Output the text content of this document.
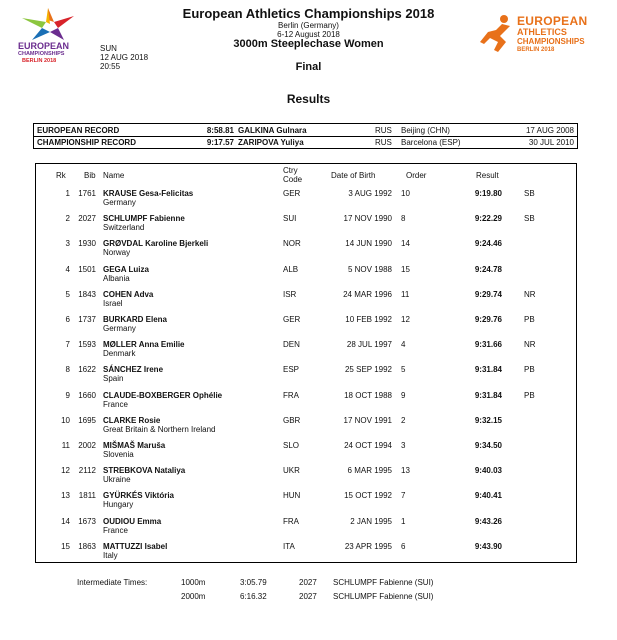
EUROPEAN
CHAMPIONSHIPS
BERLIN 2018
EUROPEAN
ATHLETICS
CHAMPIONSHIPS
BERLIN 2018
European Athletics Championships 2018
Berlin (Germany)
6-12 August 2018
3000m Steeplechase Women
Final
SUN
12 AUG 2018
20:55
Results
EUROPEAN RECORD	8:58.81 GALKINA Gulnara	RUS Beijing (CHN)	17 AUG 2008
CHAMPIONSHIP RECORD	9:17.57 ZARIPOVA Yuliya	RUS Barcelona (ESP)	30 JUL 2010
Rk Bib Name
Ctry
Code	Date of Birth	Order	Result
1 1761 KRAUSE Gesa-Felicitas
Germany
GER	3 AUG 1992 10	9:19.80	SB
2 2027 SCHLUMPF Fabienne
Switzerland
SUI	17 NOV 1990 8	9:22.29	SB
3 1930 GRØVDAL Karoline Bjerkeli
Norway
NOR	14 JUN 1990 14	9:24.46
4 1501 GEGA Luiza
Albania
ALB	5 NOV 1988 15	9:24.78
5 1843 COHEN Adva
Israel
ISR	24 MAR 1996 11	9:29.74	NR
6 1737 BURKARD Elena
Germany
GER	10 FEB 1992 12	9:29.76	PB
7 1593 MØLLER Anna Emilie
Denmark
DEN	28 JUL 1997 4	9:31.66	NR
8 1622 SÁNCHEZ Irene
Spain
ESP	25 SEP 1992 5	9:31.84	PB
9 1660 CLAUDE-BOXBERGER Ophélie
France
FRA	18 OCT 1988 9	9:31.84	PB
10 1695 CLARKE Rosie
Great Britain & Northern Ireland
GBR	17 NOV 1991 2	9:32.15
11 2002 MIŠMAŠ Maruša
Slovenia
SLO	24 OCT 1994 3	9:34.50
12	2112 STREBKOVA Nataliya
Ukraine
UKR	6 MAR 1995 13	9:40.03
13	1811 GYÜRKÉS Viktória
Hungary
HUN	15 OCT 1992 7	9:40.41
14 1673 OUDIOU Emma
France
FRA	2 JAN 1995 1	9:43.26
15 1863 MATTUZZI Isabel
Italy
ITA	23 APR 1995 6	9:43.90
Intermediate Times:	1000m	3:05.79	2027 SCHLUMPF Fabienne (SUI)
2000m	6:16.32	2027 SCHLUMPF Fabienne (SUI)
